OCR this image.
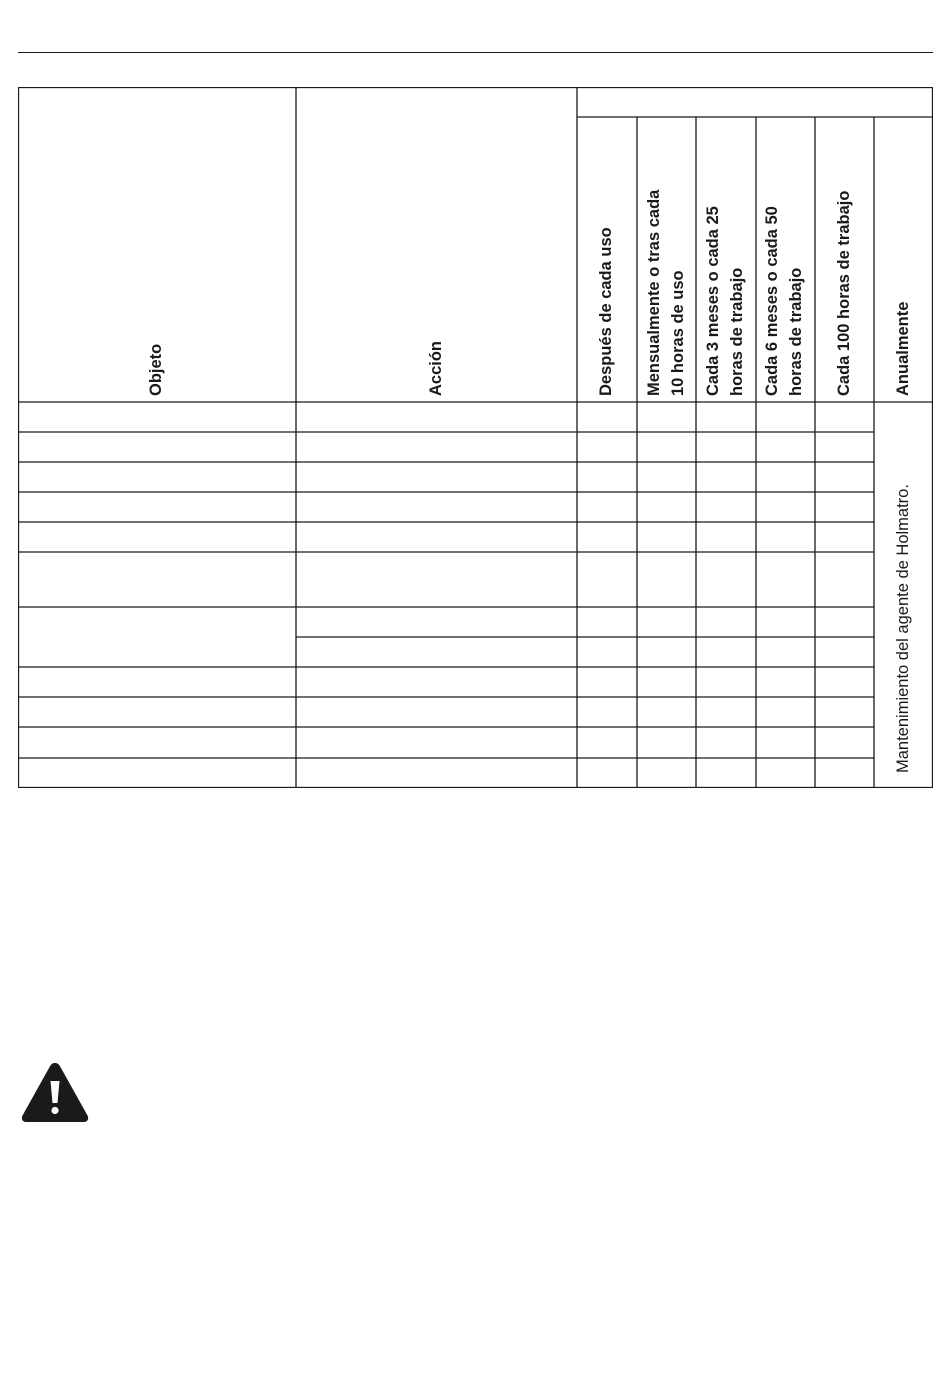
Objeto	Acción	Después de cada uso Mensualmente o tras cada 10 horas de uso Cada 3 meses o cada 25 horas de trabajo Cada 6 meses o cada 50 horas de trabajo Cada 100 horas de trabajo Anualmente
Mantenimiento del agente de Holmatro.
